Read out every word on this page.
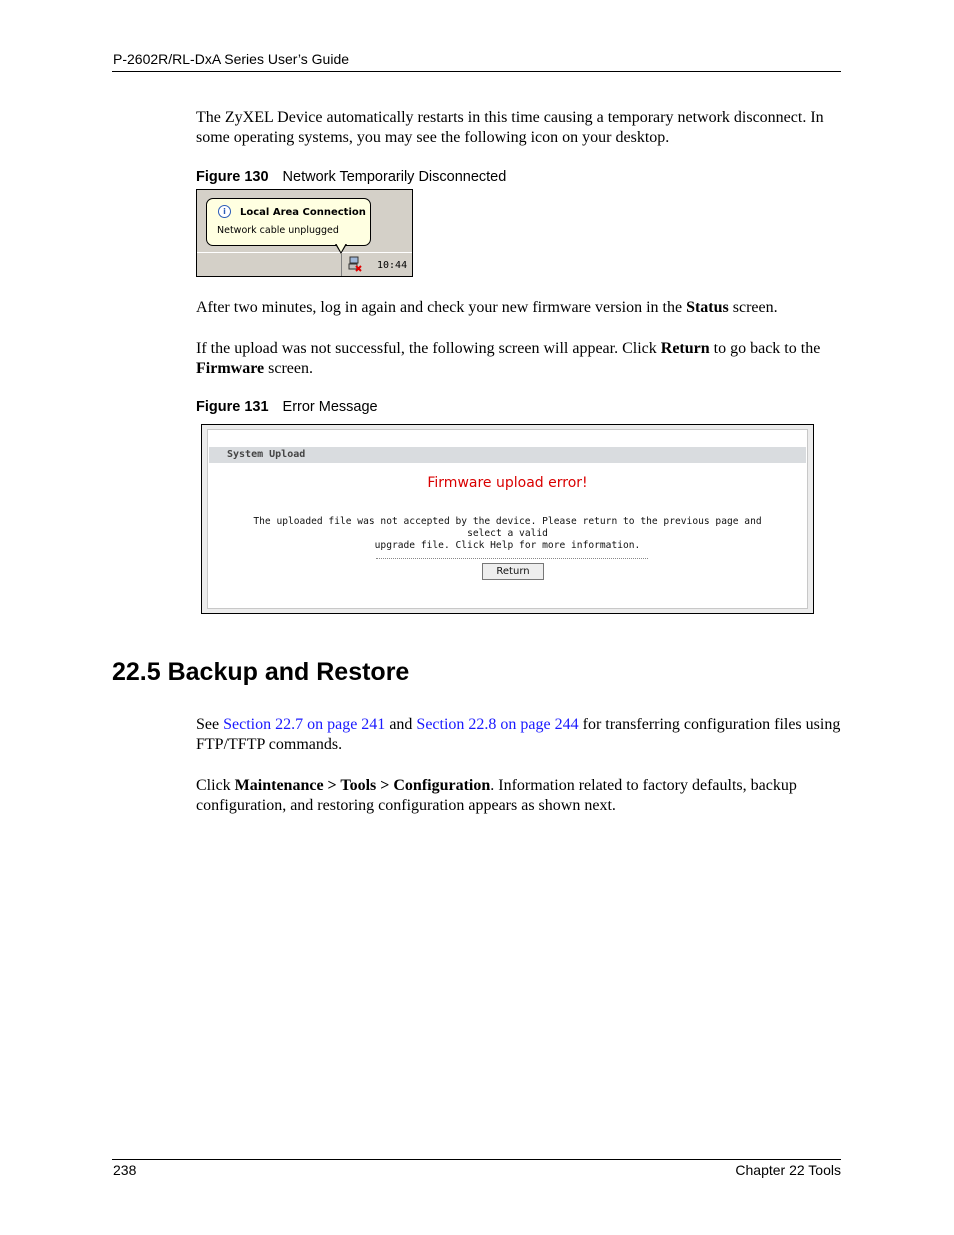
P-2602R/RL-DxA Series User’s Guide
The ZyXEL Device automatically restarts in this time causing a temporary network disconnect. In some operating systems, you may see the following icon on your desktop.
Figure 130 Network Temporarily Disconnected
i	Local Area Connection
Network cable unplugged
10:44
After two minutes, log in again and check your new firmware version in the Status screen.
If the upload was not successful, the following screen will appear. Click Return to go back to the Firmware screen.
Figure 131 Error Message
System Upload
Firmware upload error!
The uploaded file was not accepted by the device. Please return to the previous page and select a valid
upgrade file. Click Help for more information.
Return
22.5 Backup and Restore
See Section 22.7 on page 241 and Section 22.8 on page 244 for transferring configuration files using FTP/TFTP commands.
Click Maintenance > Tools > Configuration. Information related to factory defaults, backup configuration, and restoring configuration appears as shown next.
238	Chapter 22 Tools
